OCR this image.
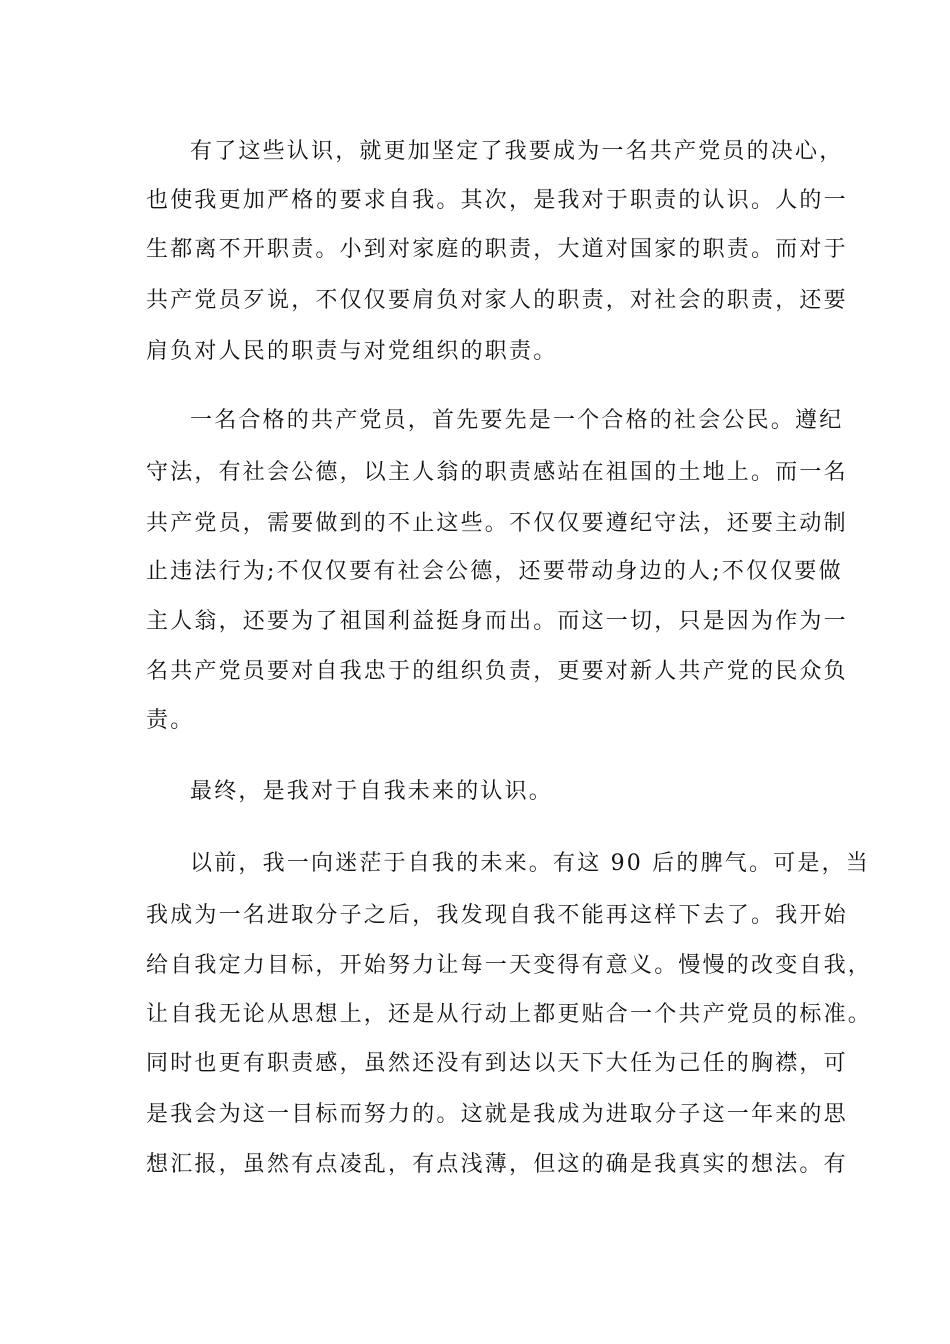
有了这些认识，就更加坚定了我要成为一名共产党员的决心，
也使我更加严格的要求自我。其次，是我对于职责的认识。人的一
生都离不开职责。小到对家庭的职责，大道对国家的职责。而对于
共产党员歹说，不仅仅要肩负对家人的职责，对社会的职责，还要
肩负对人民的职责与对党组织的职责。
一名合格的共产党员，首先要先是一个合格的社会公民。遵纪
守法，有社会公德，以主人翁的职责感站在祖国的土地上。而一名
共产党员，需要做到的不止这些。不仅仅要遵纪守法，还要主动制
止违法行为;不仅仅要有社会公德，还要带动身边的人;不仅仅要做
主人翁，还要为了祖国利益挺身而出。而这一切，只是因为作为一
名共产党员要对自我忠于的组织负责，更要对新人共产党的民众负
责。
最终，是我对于自我未来的认识。
以前，我一向迷茫于自我的未来。有这 90 后的脾气。可是，当
我成为一名进取分子之后，我发现自我不能再这样下去了。我开始
给自我定力目标，开始努力让每一天变得有意义。慢慢的改变自我，
让自我无论从思想上，还是从行动上都更贴合一个共产党员的标准。
同时也更有职责感，虽然还没有到达以天下大任为己任的胸襟，可
是我会为这一目标而努力的。这就是我成为进取分子这一年来的思
想汇报，虽然有点凌乱，有点浅薄，但这的确是我真实的想法。有
